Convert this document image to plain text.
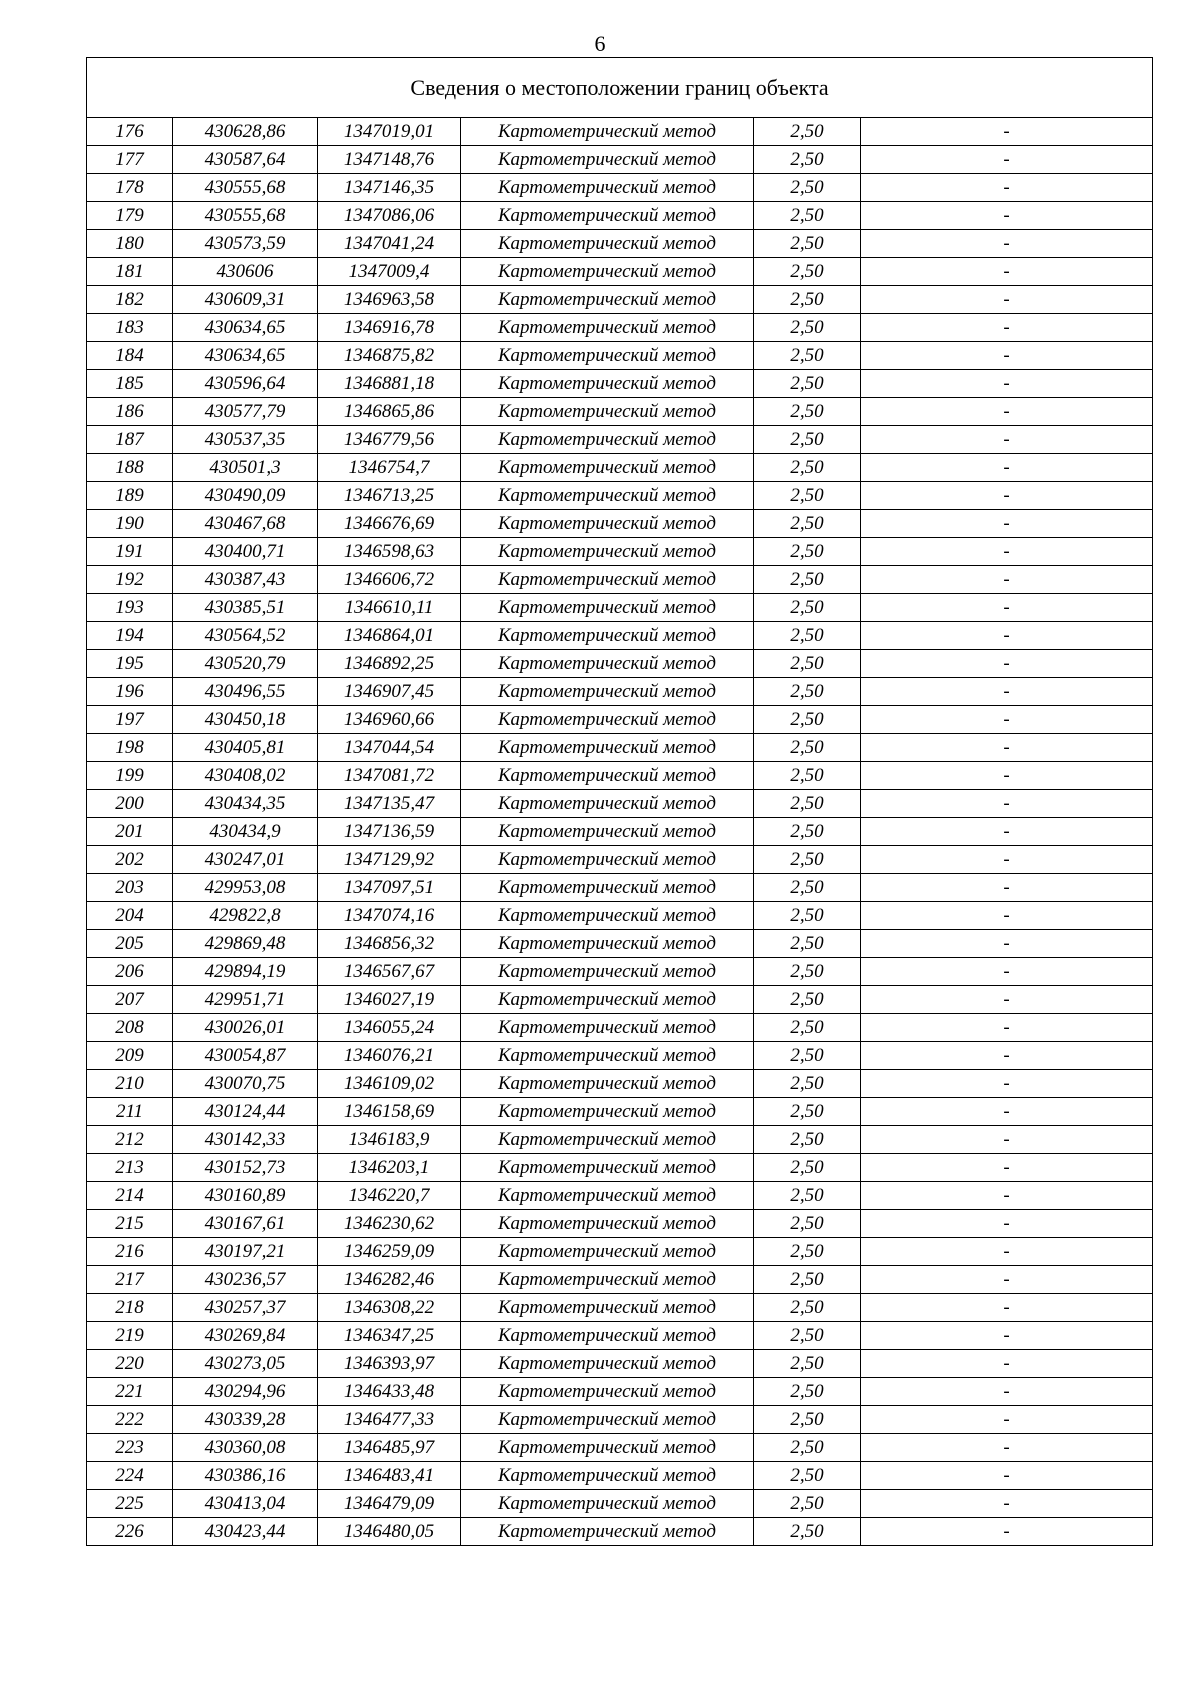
6
Сведения о местоположении границ объекта					
176	430628,86	1347019,01	Картометрический метод	2,50	-
177	430587,64	1347148,76	Картометрический метод	2,50	-
178	430555,68	1347146,35	Картометрический метод	2,50	-
179	430555,68	1347086,06	Картометрический метод	2,50	-
180	430573,59	1347041,24	Картометрический метод	2,50	-
181	430606	1347009,4	Картометрический метод	2,50	-
182	430609,31	1346963,58	Картометрический метод	2,50	-
183	430634,65	1346916,78	Картометрический метод	2,50	-
184	430634,65	1346875,82	Картометрический метод	2,50	-
185	430596,64	1346881,18	Картометрический метод	2,50	-
186	430577,79	1346865,86	Картометрический метод	2,50	-
187	430537,35	1346779,56	Картометрический метод	2,50	-
188	430501,3	1346754,7	Картометрический метод	2,50	-
189	430490,09	1346713,25	Картометрический метод	2,50	-
190	430467,68	1346676,69	Картометрический метод	2,50	-
191	430400,71	1346598,63	Картометрический метод	2,50	-
192	430387,43	1346606,72	Картометрический метод	2,50	-
193	430385,51	1346610,11	Картометрический метод	2,50	-
194	430564,52	1346864,01	Картометрический метод	2,50	-
195	430520,79	1346892,25	Картометрический метод	2,50	-
196	430496,55	1346907,45	Картометрический метод	2,50	-
197	430450,18	1346960,66	Картометрический метод	2,50	-
198	430405,81	1347044,54	Картометрический метод	2,50	-
199	430408,02	1347081,72	Картометрический метод	2,50	-
200	430434,35	1347135,47	Картометрический метод	2,50	-
201	430434,9	1347136,59	Картометрический метод	2,50	-
202	430247,01	1347129,92	Картометрический метод	2,50	-
203	429953,08	1347097,51	Картометрический метод	2,50	-
204	429822,8	1347074,16	Картометрический метод	2,50	-
205	429869,48	1346856,32	Картометрический метод	2,50	-
206	429894,19	1346567,67	Картометрический метод	2,50	-
207	429951,71	1346027,19	Картометрический метод	2,50	-
208	430026,01	1346055,24	Картометрический метод	2,50	-
209	430054,87	1346076,21	Картометрический метод	2,50	-
210	430070,75	1346109,02	Картометрический метод	2,50	-
211	430124,44	1346158,69	Картометрический метод	2,50	-
212	430142,33	1346183,9	Картометрический метод	2,50	-
213	430152,73	1346203,1	Картометрический метод	2,50	-
214	430160,89	1346220,7	Картометрический метод	2,50	-
215	430167,61	1346230,62	Картометрический метод	2,50	-
216	430197,21	1346259,09	Картометрический метод	2,50	-
217	430236,57	1346282,46	Картометрический метод	2,50	-
218	430257,37	1346308,22	Картометрический метод	2,50	-
219	430269,84	1346347,25	Картометрический метод	2,50	-
220	430273,05	1346393,97	Картометрический метод	2,50	-
221	430294,96	1346433,48	Картометрический метод	2,50	-
222	430339,28	1346477,33	Картометрический метод	2,50	-
223	430360,08	1346485,97	Картометрический метод	2,50	-
224	430386,16	1346483,41	Картометрический метод	2,50	-
225	430413,04	1346479,09	Картометрический метод	2,50	-
226	430423,44	1346480,05	Картометрический метод	2,50	-
